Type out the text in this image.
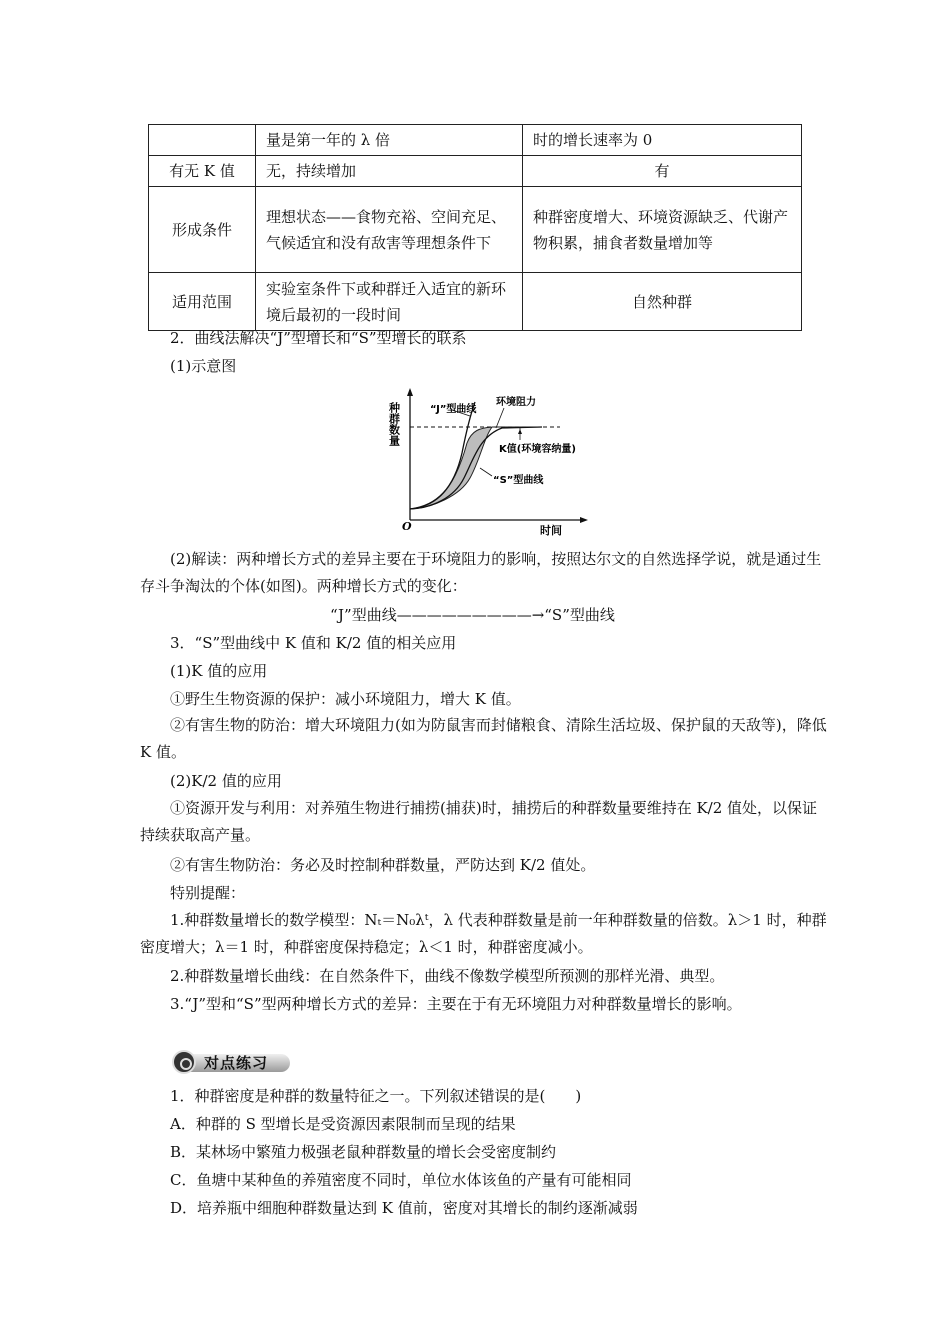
	量是第一年的 λ 倍	时的增长速率为 0
有无 K 值	无，持续增加	有
形成条件	理想状态——食物充裕、空间充足、气候适宜和没有敌害等理想条件下	种群密度增大、环境资源缺乏、代谢产物积累，捕食者数量增加等
适用范围	实验室条件下或种群迁入适宜的新环境后最初的一段时间	自然种群
2．曲线法解决“J”型增长和“S”型增长的联系
(1)示意图
种群数量
O	时间
“J”型曲线
环境阻力
K值(环境容纳量)
“S”型曲线
(2)解读：两种增长方式的差异主要在于环境阻力的影响，按照达尔文的自然选择学说，就是通过生存斗争淘汰的个体(如图)。两种增长方式的变化：
“J”型曲线—————————→“S”型曲线
3．“S”型曲线中 K 值和 K/2 值的相关应用
(1)K 值的应用
①野生生物资源的保护：减小环境阻力，增大 K 值。
②有害生物的防治：增大环境阻力(如为防鼠害而封储粮食、清除生活垃圾、保护鼠的天敌等)，降低 K 值。
(2)K/2 值的应用
①资源开发与利用：对养殖生物进行捕捞(捕获)时，捕捞后的种群数量要维持在 K/2 值处，以保证持续获取高产量。
②有害生物防治：务必及时控制种群数量，严防达到 K/2 值处。
特别提醒：
1.种群数量增长的数学模型：Nₜ＝N₀λᵗ，λ 代表种群数量是前一年种群数量的倍数。λ＞1 时，种群密度增大；λ＝1 时，种群密度保持稳定；λ＜1 时，种群密度减小。
2.种群数量增长曲线：在自然条件下，曲线不像数学模型所预测的那样光滑、典型。
3.“J”型和“S”型两种增长方式的差异：主要在于有无环境阻力对种群数量增长的影响。
对点练习
1．种群密度是种群的数量特征之一。下列叙述错误的是(　　)
A．种群的 S 型增长是受资源因素限制而呈现的结果
B．某林场中繁殖力极强老鼠种群数量的增长会受密度制约
C．鱼塘中某种鱼的养殖密度不同时，单位水体该鱼的产量有可能相同
D．培养瓶中细胞种群数量达到 K 值前，密度对其增长的制约逐渐减弱
